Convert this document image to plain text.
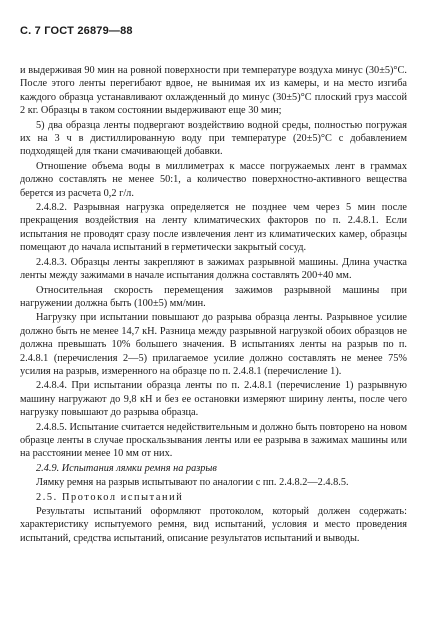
С. 7 ГОСТ 26879—88

и выдерживая 90 мин на ровной поверхности при температуре воздуха минус (30±5)°С. После этого ленты перегибают вдвое, не вынимая их из камеры, и на место изгиба каждого образца устанавливают охлажденный до минус (30±5)°С плоский груз массой 2 кг. Образцы в таком состоянии выдерживают еще 30 мин;

5) два образца ленты подвергают воздействию водной среды, полностью погружая их на 3 ч в дистиллированную воду при температуре (20±5)°С с добавлением подходящей для ткани смачивающей добавки.

Отношение объема воды в миллиметрах к массе погружаемых лент в граммах должно составлять не менее 50:1, а количество поверхностно-активного вещества берется из расчета 0,2 г/л.

2.4.8.2. Разрывная нагрузка определяется не позднее чем через 5 мин после прекращения воздействия на ленту климатических факторов по п. 2.4.8.1. Если испытания не проводят сразу после извлечения лент из климатических камер, образцы помещают до начала испытаний в герметически закрытый сосуд.

2.4.8.3. Образцы ленты закрепляют в зажимах разрывной машины. Длина участка ленты между зажимами в начале испытания должна составлять 200+40 мм.

Относительная скорость перемещения зажимов разрывной машины при нагружении должна быть (100±5) мм/мин.

Нагрузку при испытании повышают до разрыва образца ленты. Разрывное усилие должно быть не менее 14,7 кН. Разница между разрывной нагрузкой обоих образцов не должна превышать 10% большего значения. В испытаниях ленты на разрыв по п. 2.4.8.1 (перечисления 2—5) прилагаемое усилие должно составлять не менее 75% усилия на разрыв, измеренного на образце по п. 2.4.8.1 (перечисление 1).

2.4.8.4. При испытании образца ленты по п. 2.4.8.1 (перечисление 1) разрывную машину нагружают до 9,8 кН и без ее остановки измеряют ширину ленты, после чего нагрузку повышают до разрыва образца.

2.4.8.5. Испытание считается недействительным и должно быть повторено на новом образце ленты в случае проскальзывания ленты или ее разрыва в зажимах машины или на расстоянии менее 10 мм от них.

2.4.9. Испытания лямки ремня на разрыв

Лямку ремня на разрыв испытывают по аналогии с пп. 2.4.8.2—2.4.8.5.

2.5. Протокол испытаний

Результаты испытаний оформляют протоколом, который должен содержать: характеристику испытуемого ремня, вид испытаний, условия и место проведения испытаний, средства испытаний, описание результатов испытаний и выводы.
